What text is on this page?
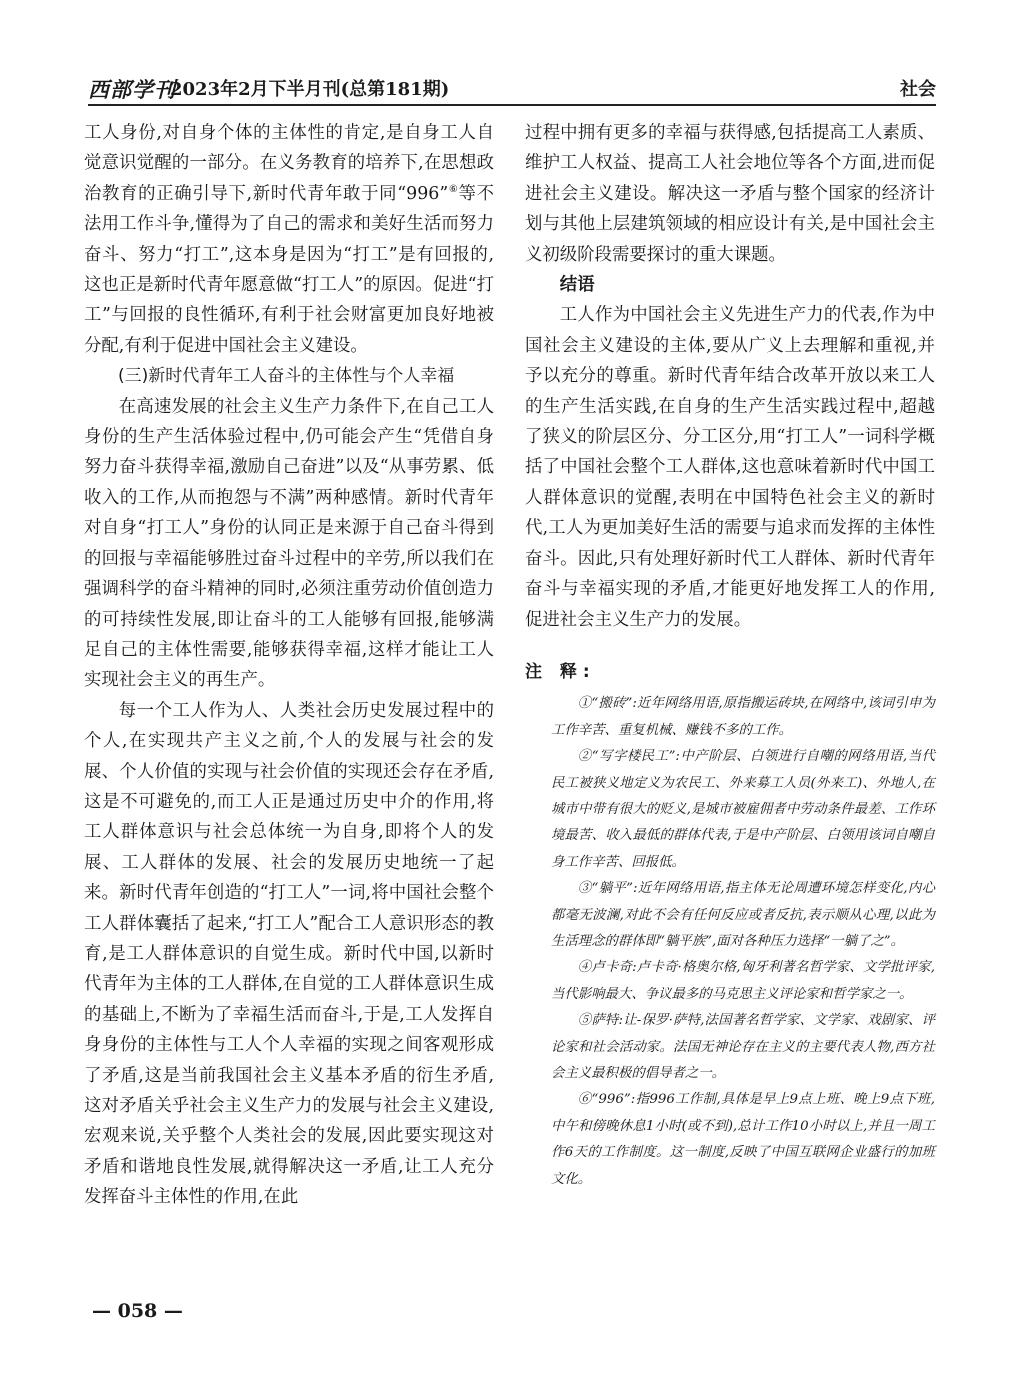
西部学刊
2023年2月下半月刊(总第181期)	社会

工人身份,对自身个体的主体性的肯定,是自身工人自觉意识觉醒的一部分。在义务教育的培养下,在思想政治教育的正确引导下,新时代青年敢于同“996”⑥等不法用工作斗争,懂得为了自己的需求和美好生活而努力奋斗、努力“打工”,这本身是因为“打工”是有回报的,这也正是新时代青年愿意做“打工人”的原因。促进“打工”与回报的良性循环,有利于社会财富更加良好地被分配,有利于促进中国社会主义建设。

(三)新时代青年工人奋斗的主体性与个人幸福

在高速发展的社会主义生产力条件下,在自己工人身份的生产生活体验过程中,仍可能会产生“凭借自身努力奋斗获得幸福,激励自己奋进”以及“从事劳累、低收入的工作,从而抱怨与不满”两种感情。新时代青年对自身“打工人”身份的认同正是来源于自己奋斗得到的回报与幸福能够胜过奋斗过程中的辛劳,所以我们在强调科学的奋斗精神的同时,必须注重劳动价值创造力的可持续性发展,即让奋斗的工人能够有回报,能够满足自己的主体性需要,能够获得幸福,这样才能让工人实现社会主义的再生产。

每一个工人作为人、人类社会历史发展过程中的个人,在实现共产主义之前,个人的发展与社会的发展、个人价值的实现与社会价值的实现还会存在矛盾,这是不可避免的,而工人正是通过历史中介的作用,将工人群体意识与社会总体统一为自身,即将个人的发展、工人群体的发展、社会的发展历史地统一了起来。新时代青年创造的“打工人”一词,将中国社会整个工人群体囊括了起来,“打工人”配合工人意识形态的教育,是工人群体意识的自觉生成。新时代中国,以新时代青年为主体的工人群体,在自觉的工人群体意识生成的基础上,不断为了幸福生活而奋斗,于是,工人发挥自身身份的主体性与工人个人幸福的实现之间客观形成了矛盾,这是当前我国社会主义基本矛盾的衍生矛盾,这对矛盾关乎社会主义生产力的发展与社会主义建设,宏观来说,关乎整个人类社会的发展,因此要实现这对矛盾和谐地良性发展,就得解决这一矛盾,让工人充分发挥奋斗主体性的作用,在此

过程中拥有更多的幸福与获得感,包括提高工人素质、维护工人权益、提高工人社会地位等各个方面,进而促进社会主义建设。解决这一矛盾与整个国家的经济计划与其他上层建筑领域的相应设计有关,是中国社会主义初级阶段需要探讨的重大课题。

结语

工人作为中国社会主义先进生产力的代表,作为中国社会主义建设的主体,要从广义上去理解和重视,并予以充分的尊重。新时代青年结合改革开放以来工人的生产生活实践,在自身的生产生活实践过程中,超越了狭义的阶层区分、分工区分,用“打工人”一词科学概括了中国社会整个工人群体,这也意味着新时代中国工人群体意识的觉醒,表明在中国特色社会主义的新时代,工人为更加美好生活的需要与追求而发挥的主体性奋斗。因此,只有处理好新时代工人群体、新时代青年奋斗与幸福实现的矛盾,才能更好地发挥工人的作用,促进社会主义生产力的发展。

注 释:

①“搬砖”:近年网络用语,原指搬运砖块,在网络中,该词引申为工作辛苦、重复机械、赚钱不多的工作。

②“写字楼民工”:中产阶层、白领进行自嘲的网络用语,当代民工被狭义地定义为农民工、外来募工人员(外来工)、外地人,在城市中带有很大的贬义,是城市被雇佣者中劳动条件最差、工作环境最苦、收入最低的群体代表,于是中产阶层、白领用该词自嘲自身工作辛苦、回报低。

③“躺平”:近年网络用语,指主体无论周遭环境怎样变化,内心都毫无波澜,对此不会有任何反应或者反抗,表示顺从心理,以此为生活理念的群体即“躺平族”,面对各种压力选择“一躺了之”。

④卢卡奇:卢卡奇·格奥尔格,匈牙利著名哲学家、文学批评家,当代影响最大、争议最多的马克思主义评论家和哲学家之一。

⑤萨特:让-保罗·萨特,法国著名哲学家、文学家、戏剧家、评论家和社会活动家。法国无神论存在主义的主要代表人物,西方社会主义最积极的倡导者之一。

⑥“996”:指996工作制,具体是早上9点上班、晚上9点下班,中午和傍晚休息1小时(或不到),总计工作10小时以上,并且一周工作6天的工作制度。这一制度,反映了中国互联网企业盛行的加班文化。

— 058 —
